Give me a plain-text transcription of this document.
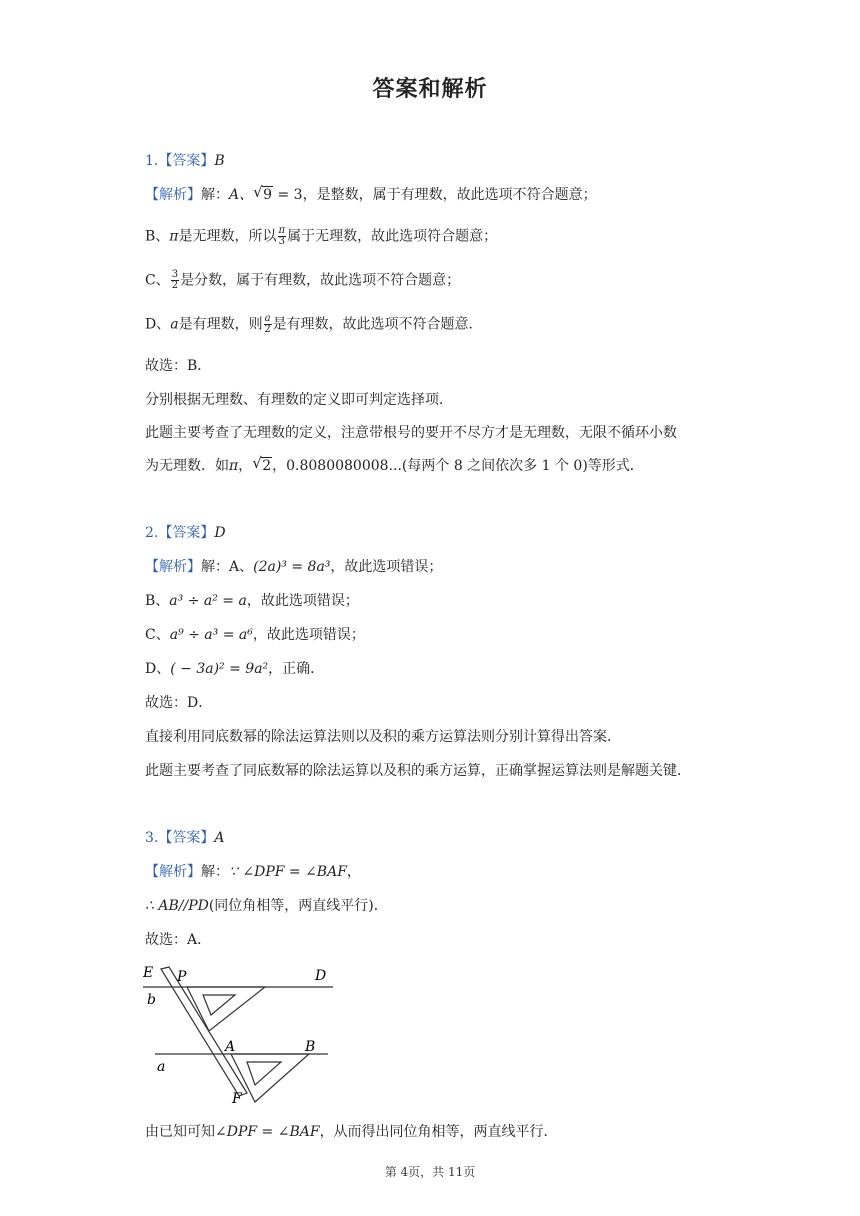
答案和解析
1.【答案】B
【解析】解：A、 √ 9 = 3，是整数，属于有理数，故此选项不符合题意；
B、π是无理数，所以 $\frac{\pi}{3}$ 属于无理数，故此选项符合题意；
C、 $\frac{3}{2}$ 是分数，属于有理数，故此选项不符合题意；
D、a是有理数，则 $\frac{a}{2}$ 是有理数，故此选项不符合题意．
故选：B．
分别根据无理数、有理数的定义即可判定选择项．
此题主要考查了无理数的定义，注意带根号的要开不尽方才是无理数，无限不循环小数
为无理数．如π， √ 2，0.8080080008...(每两个 8 之间依次多 1 个 0)等形式．
2.【答案】D
【解析】解：A、(2a)³ = 8a³，故此选项错误；
B、a³ ÷ a² = a，故此选项错误；
C、a⁹ ÷ a³ = a⁶，故此选项错误；
D、( − 3a)² = 9a²，正确．
故选：D．
直接利用同底数幂的除法运算法则以及积的乘方运算法则分别计算得出答案．
此题主要考查了同底数幂的除法运算以及积的乘方运算，正确掌握运算法则是解题关键．
3.【答案】A
【解析】解：∵ ∠DPF = ∠BAF，
∴ AB//PD(同位角相等，两直线平行)．
故选：A．
E P	D
b
A	B
a
F
由已知可知∠DPF = ∠BAF，从而得出同位角相等，两直线平行．
第 4页，共 11页
